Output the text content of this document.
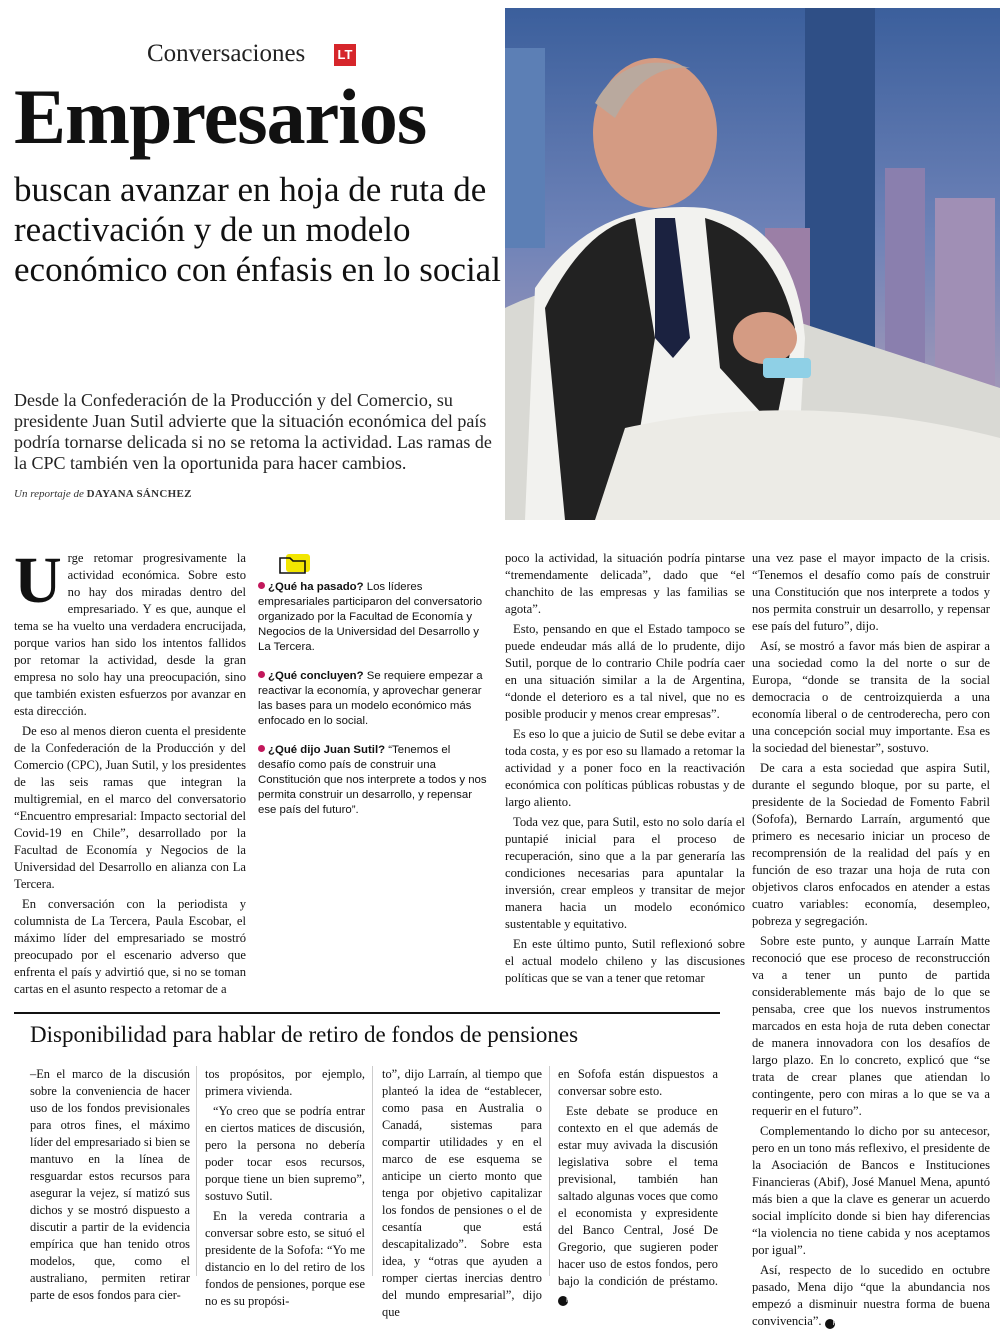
Conversaciones LT
Empresarios
buscan avanzar en hoja de ruta de reactivación y de un modelo económico con énfasis en lo social
Desde la Confederación de la Producción y del Comercio, su presidente Juan Sutil advierte que la situación económica del país podría tornarse delicada si no se retoma la actividad. Las ramas de la CPC también ven la oportunida para hacer cambios.
Un reportaje de DAYANA SÁNCHEZ
U rge retomar progresivamente la actividad económica. Sobre esto no hay dos miradas dentro del empresariado. Y es que, aunque el tema se ha vuelto una verdadera encrucijada, porque varios han sido los intentos fallidos por retomar la actividad, desde la gran empresa no solo hay una preocupación, sino que también existen esfuerzos por avanzar en esta dirección.

De eso al menos dieron cuenta el presidente de la Confederación de la Producción y del Comercio (CPC), Juan Sutil, y los presidentes de las seis ramas que integran la multigremial, en el marco del conversatorio “Encuentro empresarial: Impacto sectorial del Covid-19 en Chile”, desarrollado por la Facultad de Economía y Negocios de la Universidad del Desarrollo en alianza con La Tercera.

En conversación con la periodista y columnista de La Tercera, Paula Escobar, el máximo líder del empresariado se mostró preocupado por el escenario adverso que enfrenta el país y advirtió que, si no se toman cartas en el asunto respecto a retomar de a

¿Qué ha pasado? Los líderes empresariales participaron del conversatorio organizado por la Facultad de Economía y Negocios de la Universidad del Desarrollo y La Tercera.

¿Qué concluyen? Se requiere empezar a reactivar la economía, y aprovechar generar las bases para un modelo económico más enfocado en lo social.

¿Qué dijo Juan Sutil? “Tenemos el desafío como país de construir una Constitución que nos interprete a todos y nos permita construir un desarrollo, y repensar ese país del futuro”.

poco la actividad, la situación podría pintarse “tremendamente delicada”, dado que “el chanchito de las empresas y las familias se agota”.

Esto, pensando en que el Estado tampoco se puede endeudar más allá de lo prudente, dijo Sutil, porque de lo contrario Chile podría caer en una situación similar a la de Argentina, “donde el deterioro es a tal nivel, que no es posible producir y menos crear empresas”.

Es eso lo que a juicio de Sutil se debe evitar a toda costa, y es por eso su llamado a retomar la actividad y a poner foco en la reactivación económica con políticas públicas robustas y de largo aliento.

Toda vez que, para Sutil, esto no solo daría el puntapié inicial para el proceso de recuperación, sino que a la par generaría las condiciones necesarias para apuntalar la inversión, crear empleos y transitar de mejor manera hacia un modelo económico sustentable y equitativo.

En este último punto, Sutil reflexionó sobre el actual modelo chileno y las discusiones políticas que se van a tener que retomar

una vez pase el mayor impacto de la crisis. “Tenemos el desafío como país de construir una Constitución que nos interprete a todos y nos permita construir un desarrollo, y repensar ese país del futuro”, dijo.

Así, se mostró a favor más bien de aspirar a una sociedad como la del norte o sur de Europa, “donde se transita de la social democracia o de centroizquierda a una economía liberal o de centroderecha, pero con una concepción social muy importante. Esa es la sociedad del bienestar”, sostuvo.

De cara a esta sociedad que aspira Sutil, durante el segundo bloque, por su parte, el presidente de la Sociedad de Fomento Fabril (Sofofa), Bernardo Larraín, argumentó que primero es necesario iniciar un proceso de recomprensión de la realidad del país y en función de eso trazar una hoja de ruta con objetivos claros enfocados en atender a estas cuatro variables: economía, desempleo, pobreza y segregación.

Sobre este punto, y aunque Larraín Matte reconoció que ese proceso de reconstrucción va a tener un punto de partida considerablemente más bajo de lo que se pensaba, cree que los nuevos instrumentos marcados en esta hoja de ruta deben conectar de manera innovadora con los desafíos de largo plazo. En lo concreto, explicó que “se trata de crear planes que atiendan lo contingente, pero con miras a lo que se va a requerir en el futuro”.

Complementando lo dicho por su antecesor, pero en un tono más reflexivo, el presidente de la Asociación de Bancos e Instituciones Financieras (Abif), José Manuel Mena, apuntó más bien a que la clave es generar un acuerdo social implícito donde si bien hay diferencias “la violencia no tiene cabida y nos aceptamos por igual”.

Así, respecto de lo sucedido en octubre pasado, Mena dijo “que la abundancia nos empezó a disminuir nuestra forma de buena convivencia”. P

Disponibilidad para hablar de retiro de fondos de pensiones

–En el marco de la discusión sobre la conveniencia de hacer uso de los fondos previsionales para otros fines, el máximo líder del empresariado si bien se mantuvo en la línea de resguardar estos recursos para asegurar la vejez, sí matizó sus dichos y se mostró dispuesto a discutir a partir de la evidencia empírica que han tenido otros modelos, que, como el australiano, permiten retirar parte de esos fondos para cier-

tos propósitos, por ejemplo, primera vivienda.

“Yo creo que se podría entrar en ciertos matices de discusión, pero la persona no debería poder tocar esos recursos, porque tiene un bien supremo”, sostuvo Sutil.

En la vereda contraria a conversar sobre esto, se situó el presidente de la Sofofa: “Yo me distancio en lo del retiro de los fondos de pensiones, porque ese no es su propósi-

to”, dijo Larraín, al tiempo que planteó la idea de “establecer, como pasa en Australia o Canadá, sistemas para compartir utilidades y en el marco de ese esquema se anticipe un cierto monto que tenga por objetivo capitalizar los fondos de pensiones o el de cesantía que está descapitalizado”. Sobre esta idea, y “otras que ayuden a romper ciertas inercias dentro del mundo empresarial”, dijo que

en Sofofa están dispuestos a conversar sobre esto.

Este debate se produce en contexto en el que además de estar muy avivada la discusión legislativa sobre el tema previsional, también han saltado algunas voces que como el economista y expresidente del Banco Central, José De Gregorio, que sugieren poder hacer uso de estos fondos, pero bajo la condición de préstamo. P
